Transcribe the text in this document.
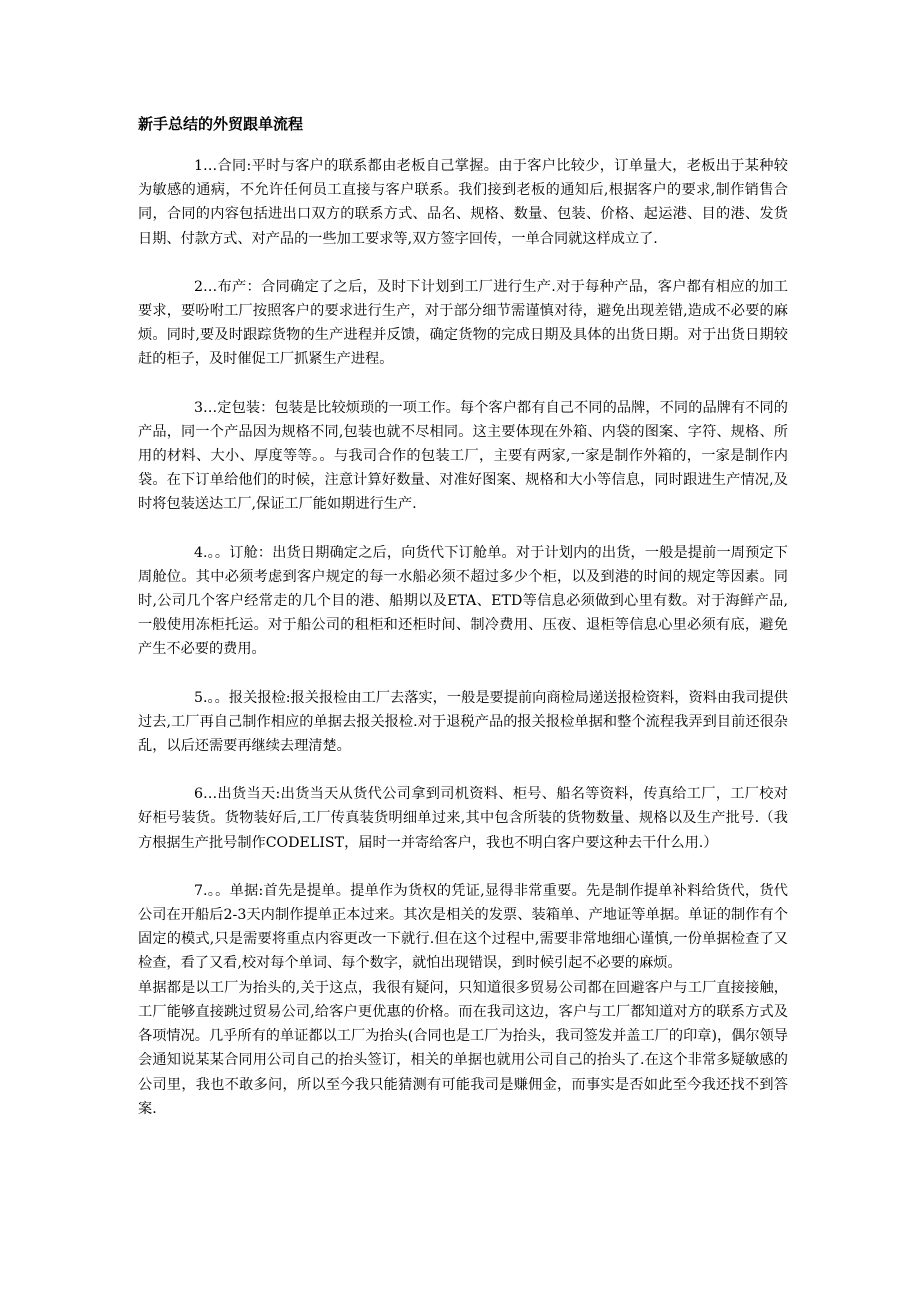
新手总结的外贸跟单流程

1…合同:平时与客户的联系都由老板自己掌握。由于客户比较少，订单量大，老板出于某种较为敏感的通病，不允许任何员工直接与客户联系。我们接到老板的通知后,根据客户的要求,制作销售合同，合同的内容包括进出口双方的联系方式、品名、规格、数量、包装、价格、起运港、目的港、发货日期、付款方式、对产品的一些加工要求等,双方签字回传，一单合同就这样成立了.

2…布产：合同确定了之后，及时下计划到工厂进行生产.对于每种产品，客户都有相应的加工要求，要吩咐工厂按照客户的要求进行生产，对于部分细节需谨慎对待，避免出现差错,造成不必要的麻烦。同时,要及时跟踪货物的生产进程并反馈，确定货物的完成日期及具体的出货日期。对于出货日期较赶的柜子，及时催促工厂抓紧生产进程。

3…定包装：包装是比较烦琐的一项工作。每个客户都有自己不同的品牌，不同的品牌有不同的产品，同一个产品因为规格不同,包装也就不尽相同。这主要体现在外箱、内袋的图案、字符、规格、所用的材料、大小、厚度等等。。与我司合作的包装工厂，主要有两家,一家是制作外箱的，一家是制作内袋。在下订单给他们的时候，注意计算好数量、对准好图案、规格和大小等信息，同时跟进生产情况,及时将包装送达工厂,保证工厂能如期进行生产.

4.。。订舱：出货日期确定之后，向货代下订舱单。对于计划内的出货，一般是提前一周预定下周舱位。其中必须考虑到客户规定的每一水船必须不超过多少个柜，以及到港的时间的规定等因素。同时,公司几个客户经常走的几个目的港、船期以及ETA、ETD等信息必须做到心里有数。对于海鲜产品,一般使用冻柜托运。对于船公司的租柜和还柜时间、制冷费用、压夜、退柜等信息心里必须有底，避免产生不必要的费用。

5.。。报关报检:报关报检由工厂去落实，一般是要提前向商检局递送报检资料，资料由我司提供过去,工厂再自己制作相应的单据去报关报检.对于退税产品的报关报检单据和整个流程我弄到目前还很杂乱，以后还需要再继续去理清楚。

6…出货当天:出货当天从货代公司拿到司机资料、柜号、船名等资料，传真给工厂，工厂校对好柜号装货。货物装好后,工厂传真装货明细单过来,其中包含所装的货物数量、规格以及生产批号.（我方根据生产批号制作CODELIST，届时一并寄给客户，我也不明白客户要这种去干什么用.）

7.。。单据:首先是提单。提单作为货权的凭证,显得非常重要。先是制作提单补料给货代，货代公司在开船后2-3天内制作提单正本过来。其次是相关的发票、装箱单、产地证等单据。单证的制作有个固定的模式,只是需要将重点内容更改一下就行.但在这个过程中,需要非常地细心谨慎,一份单据检查了又检查，看了又看,校对每个单词、每个数字，就怕出现错误，到时候引起不必要的麻烦。

单据都是以工厂为抬头的,关于这点，我很有疑问，只知道很多贸易公司都在回避客户与工厂直接接触，工厂能够直接跳过贸易公司,给客户更优惠的价格。而在我司这边，客户与工厂都知道对方的联系方式及各项情况。几乎所有的单证都以工厂为抬头(合同也是工厂为抬头，我司签发并盖工厂的印章)，偶尔领导会通知说某某合同用公司自己的抬头签订，相关的单据也就用公司自己的抬头了.在这个非常多疑敏感的公司里，我也不敢多问，所以至今我只能猜测有可能我司是赚佣金，而事实是否如此至今我还找不到答案.
